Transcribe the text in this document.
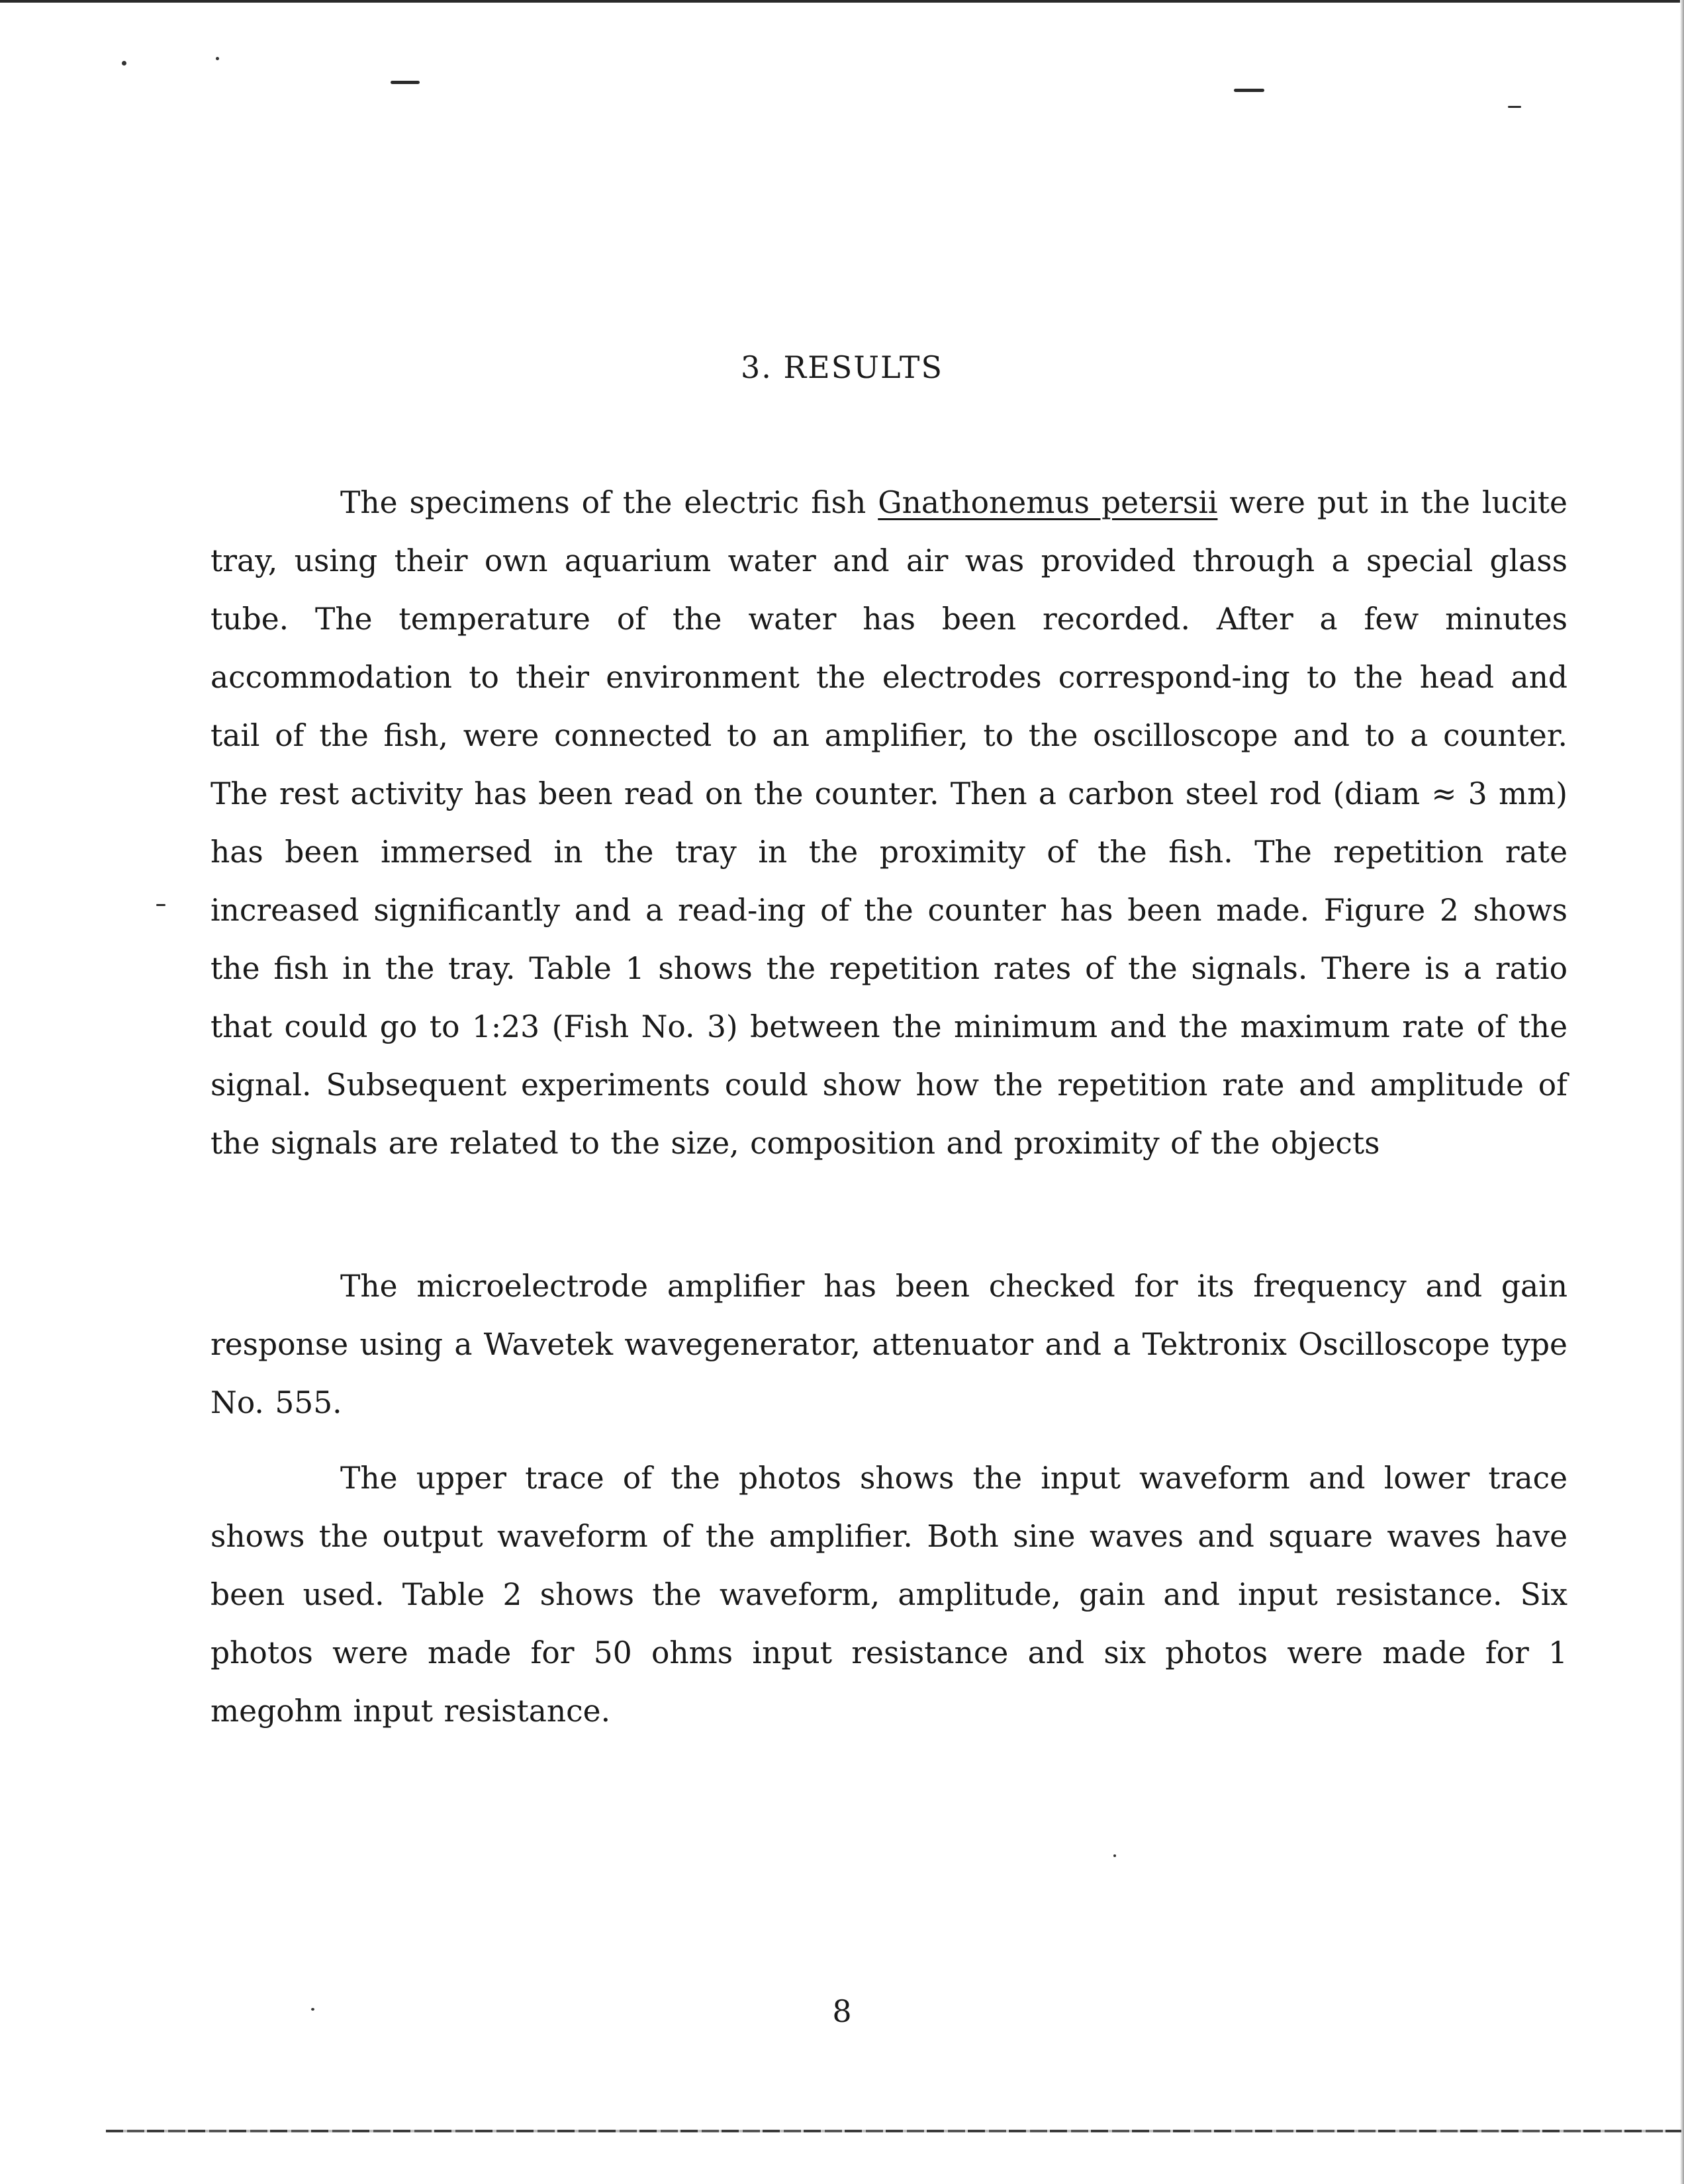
3. RESULTS

The specimens of the electric fish Gnathonemus petersii were put in the lucite tray, using their own aquarium water and air was provided through a special glass tube. The temperature of the water has been recorded. After a few minutes accommodation to their environment the electrodes correspond-ing to the head and tail of the fish, were connected to an amplifier, to the oscilloscope and to a counter. The rest activity has been read on the counter. Then a carbon steel rod (diam ≈ 3 mm) has been immersed in the tray in the proximity of the fish. The repetition rate increased significantly and a read-ing of the counter has been made. Figure 2 shows the fish in the tray. Table 1 shows the repetition rates of the signals. There is a ratio that could go to 1:23 (Fish No. 3) between the minimum and the maximum rate of the signal. Subsequent experiments could show how the repetition rate and amplitude of the signals are related to the size, composition and proximity of the objects

The microelectrode amplifier has been checked for its frequency and gain response using a Wavetek wavegenerator, attenuator and a Tektronix Oscilloscope type No. 555.

The upper trace of the photos shows the input waveform and lower trace shows the output waveform of the amplifier. Both sine waves and square waves have been used. Table 2 shows the waveform, amplitude, gain and input resistance. Six photos were made for 50 ohms input resistance and six photos were made for 1 megohm input resistance.

8
